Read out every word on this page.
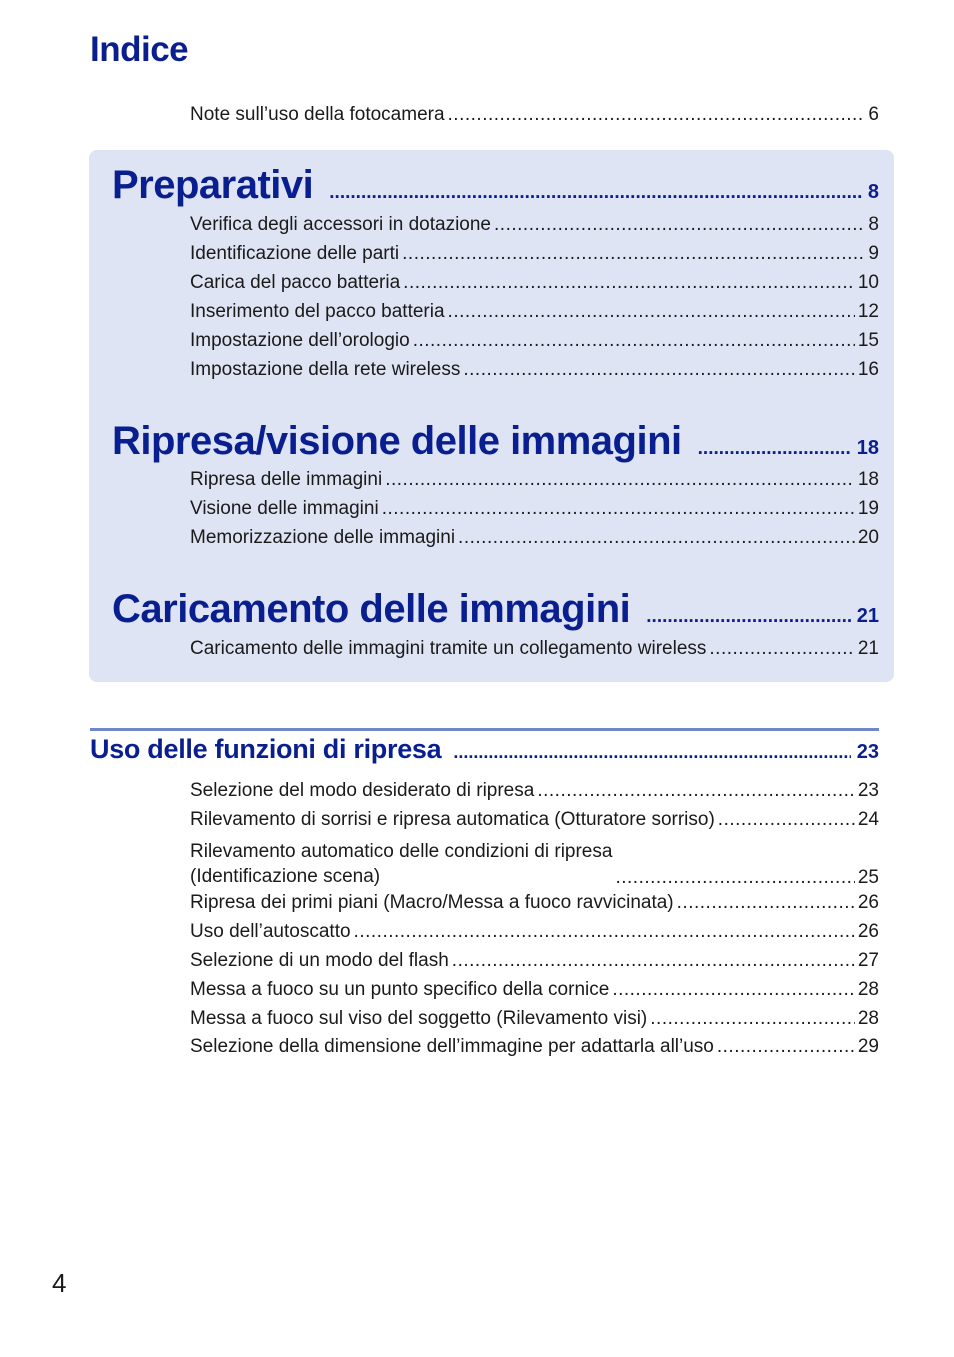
Indice
Note sull’uso della fotocamera .....	6
Preparativi .....	8
Verifica degli accessori in dotazione .....	8
Identificazione delle parti .....	9
Carica del pacco batteria .....	10
Inserimento del pacco batteria .....	12
Impostazione dell’orologio .....	15
Impostazione della rete wireless .....	16
Ripresa/visione delle immagini .....	18
Ripresa delle immagini .....	18
Visione delle immagini .....	19
Memorizzazione delle immagini .....	20
Caricamento delle immagini .....	21
Caricamento delle immagini tramite un collegamento wireless .....	21
Uso delle funzioni di ripresa .....	23
Selezione del modo desiderato di ripresa .....	23
Rilevamento di sorrisi e ripresa automatica (Otturatore sorriso) .....	24
Rilevamento automatico delle condizioni di ripresa
(Identificazione scena) .....	25
Ripresa dei primi piani (Macro/Messa a fuoco ravvicinata) .....	26
Uso dell’autoscatto .....	26
Selezione di un modo del flash .....	27
Messa a fuoco su un punto specifico della cornice .....	28
Messa a fuoco sul viso del soggetto (Rilevamento visi) .....	28
Selezione della dimensione dell’immagine per adattarla all’uso .....	29
4
